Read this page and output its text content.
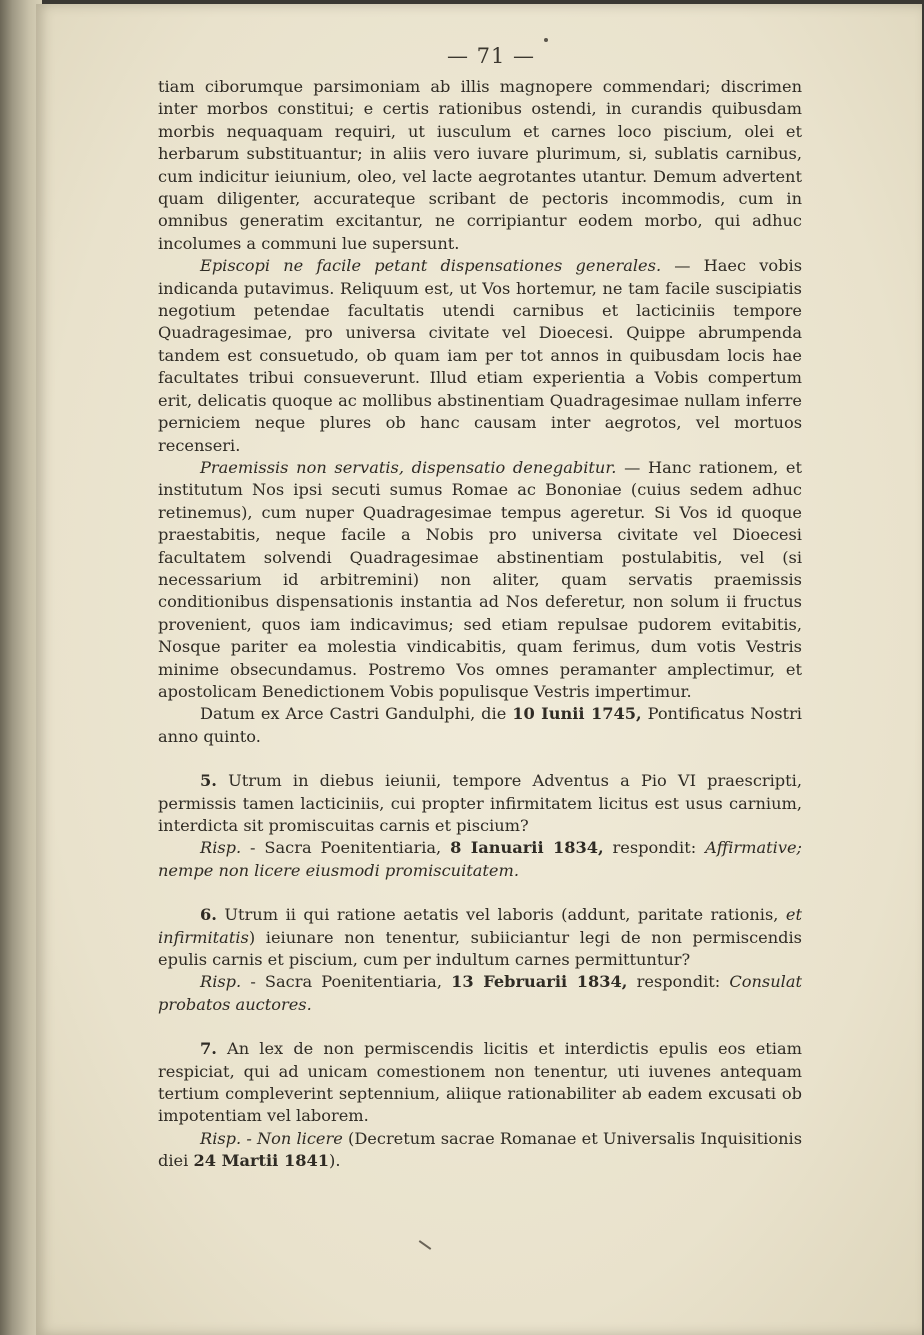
— 71 —

tiam ciborumque parsimoniam ab illis magnopere commendari; discrimen inter morbos constitui; e certis rationibus ostendi, in curandis quibusdam morbis nequaquam requiri, ut iusculum et carnes loco piscium, olei et herbarum substituantur; in aliis vero iuvare plurimum, si, sublatis carnibus, cum indicitur ieiunium, oleo, vel lacte aegrotantes utantur. Demum advertent quam diligenter, accurateque scribant de pectoris incommodis, cum in omnibus generatim excitantur, ne corripiantur eodem morbo, qui adhuc incolumes a communi lue supersunt.

Episcopi ne facile petant dispensationes generales. — Haec vobis indicanda putavimus. Reliquum est, ut Vos hortemur, ne tam facile suscipiatis negotium petendae facultatis utendi carnibus et lacticiniis tempore Quadragesimae, pro universa civitate vel Dioecesi. Quippe abrumpenda tandem est consuetudo, ob quam iam per tot annos in quibusdam locis hae facultates tribui consueverunt. Illud etiam experientia a Vobis compertum erit, delicatis quoque ac mollibus abstinentiam Quadragesimae nullam inferre perniciem neque plures ob hanc causam inter aegrotos, vel mortuos recenseri.

Praemissis non servatis, dispensatio denegabitur. — Hanc rationem, et institutum Nos ipsi secuti sumus Romae ac Bononiae (cuius sedem adhuc retinemus), cum nuper Quadragesimae tempus ageretur. Si Vos id quoque praestabitis, neque facile a Nobis pro universa civitate vel Dioecesi facultatem solvendi Quadragesimae abstinentiam postulabitis, vel (si necessarium id arbitremini) non aliter, quam servatis praemissis conditionibus dispensationis instantia ad Nos deferetur, non solum ii fructus provenient, quos iam indicavimus; sed etiam repulsae pudorem evitabitis, Nosque pariter ea molestia vindicabitis, quam ferimus, dum votis Vestris minime obsecundamus. Postremo Vos omnes peramanter amplectimur, et apostolicam Benedictionem Vobis populisque Vestris impertimur.

Datum ex Arce Castri Gandulphi, die 10 Iunii 1745, Pontificatus Nostri anno quinto.

5. Utrum in diebus ieiunii, tempore Adventus a Pio VI praescripti, permissis tamen lacticiniis, cui propter infirmitatem licitus est usus carnium, interdicta sit promiscuitas carnis et piscium?

Risp. - Sacra Poenitentiaria, 8 Ianuarii 1834, respondit: Affirmative; nempe non licere eiusmodi promiscuitatem.

6. Utrum ii qui ratione aetatis vel laboris (addunt, paritate rationis, et infirmitatis) ieiunare non tenentur, subiiciantur legi de non permiscendis epulis carnis et piscium, cum per indultum carnes permittuntur?

Risp. - Sacra Poenitentiaria, 13 Februarii 1834, respondit: Consulat probatos auctores.

7. An lex de non permiscendis licitis et interdictis epulis eos etiam respiciat, qui ad unicam comestionem non tenentur, uti iuvenes antequam tertium compleverint septennium, aliique rationabiliter ab eadem excusati ob impotentiam vel laborem.

Risp. - Non licere (Decretum sacrae Romanae et Universalis Inquisitionis diei 24 Martii 1841).
